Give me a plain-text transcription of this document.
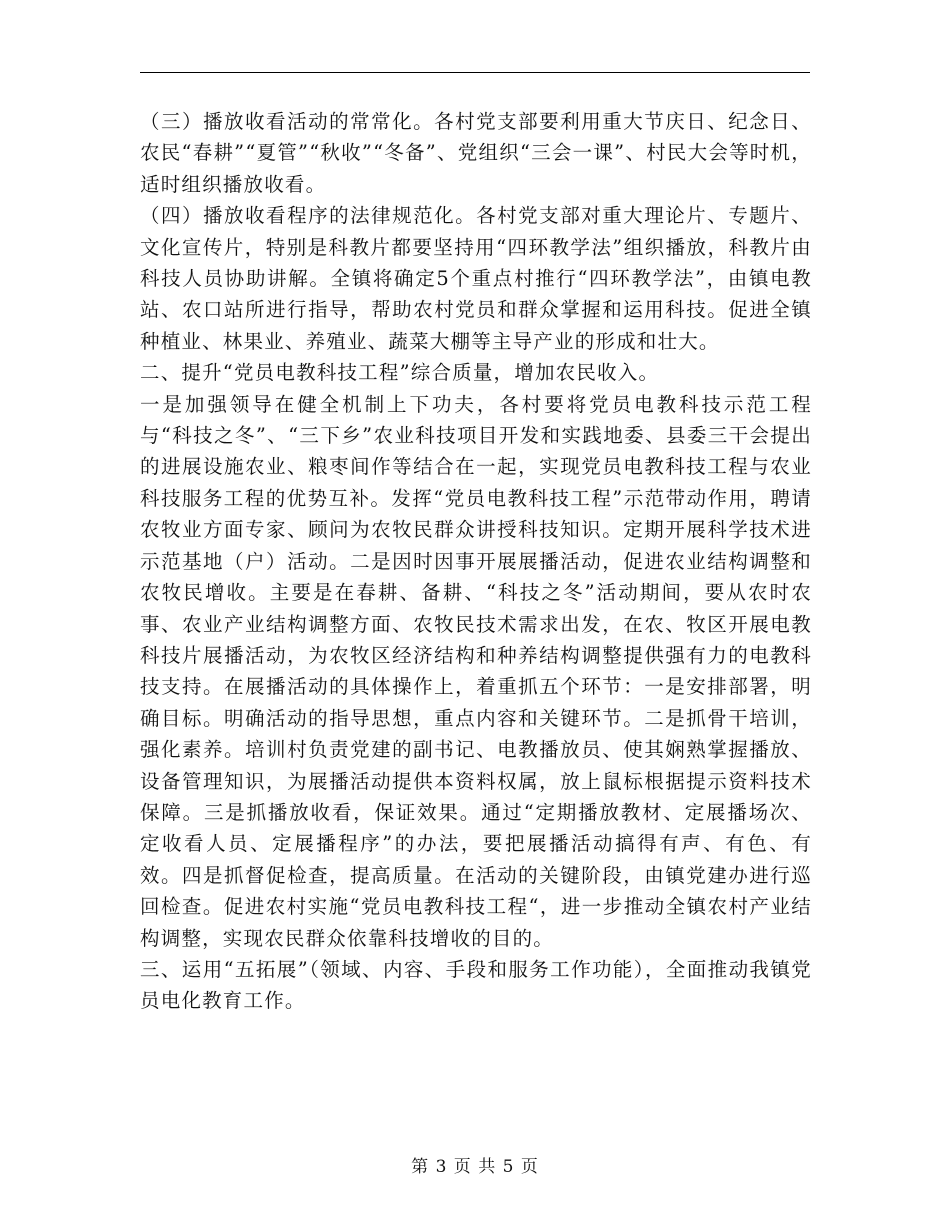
（三）播放收看活动的常常化。各村党支部要利用重大节庆日、纪念日、农民“春耕”“夏管”“秋收”“冬备”、党组织“三会一课”、村民大会等时机，适时组织播放收看。

（四）播放收看程序的法律规范化。各村党支部对重大理论片、专题片、文化宣传片，特别是科教片都要坚持用“四环教学法”组织播放，科教片由科技人员协助讲解。全镇将确定5个重点村推行“四环教学法”，由镇电教站、农口站所进行指导，帮助农村党员和群众掌握和运用科技。促进全镇种植业、林果业、养殖业、蔬菜大棚等主导产业的形成和壮大。

二、提升“党员电教科技工程”综合质量，增加农民收入。

一是加强领导在健全机制上下功夫，各村要将党员电教科技示范工程与“科技之冬”、“三下乡”农业科技项目开发和实践地委、县委三干会提出的进展设施农业、粮枣间作等结合在一起，实现党员电教科技工程与农业科技服务工程的优势互补。发挥“党员电教科技工程”示范带动作用，聘请农牧业方面专家、顾问为农牧民群众讲授科技知识。定期开展科学技术进示范基地（户）活动。二是因时因事开展展播活动，促进农业结构调整和农牧民增收。主要是在春耕、备耕、“科技之冬”活动期间，要从农时农事、农业产业结构调整方面、农牧民技术需求出发，在农、牧区开展电教科技片展播活动，为农牧区经济结构和种养结构调整提供强有力的电教科技支持。在展播活动的具体操作上，着重抓五个环节：一是安排部署，明确目标。明确活动的指导思想，重点内容和关键环节。二是抓骨干培训，强化素养。培训村负责党建的副书记、电教播放员、使其娴熟掌握播放、设备管理知识，为展播活动提供本资料权属，放上鼠标根据提示资料技术保障。三是抓播放收看，保证效果。通过“定期播放教材、定展播场次、定收看人员、定展播程序”的办法，要把展播活动搞得有声、有色、有效。四是抓督促检查，提高质量。在活动的关键阶段，由镇党建办进行巡回检查。促进农村实施“党员电教科技工程“，进一步推动全镇农村产业结构调整，实现农民群众依靠科技增收的目的。

三、运用“五拓展”（领域、内容、手段和服务工作功能），全面推动我镇党员电化教育工作。

第 3 页 共 5 页
